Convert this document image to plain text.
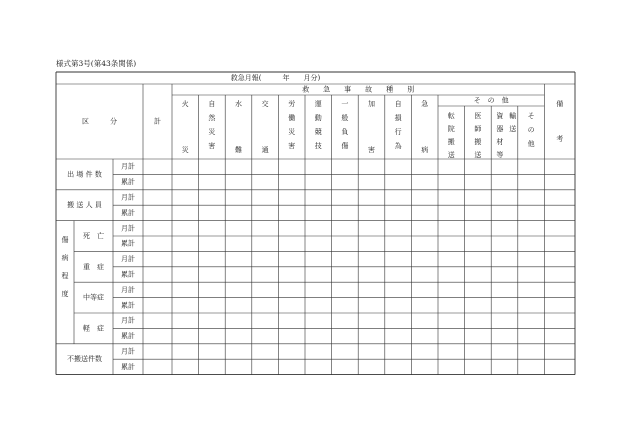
様式第3号(第43条関係)
救急月報(　　　年　　月分)
救　　急　　事　　故　　種　　別
区　　　分	計
そ　の　他	備
考
火
災
自
然
災
害
水
難
交
通
労
働
災
害
運
動
競
技
一
般
負
傷
加
害
自
損
行
為
急
病
転
院
搬
送
医
師
搬
送
資
器
材
等
そ
の
他
輸
送
月計
累計
月計
累計
月計
累計
月計
累計
月計
累計
月計
累計
月計
累計
出 場 件 数
搬 送 人 員
不搬送件数
傷
病
程
度
死　亡
重　症
中等症
軽　症
